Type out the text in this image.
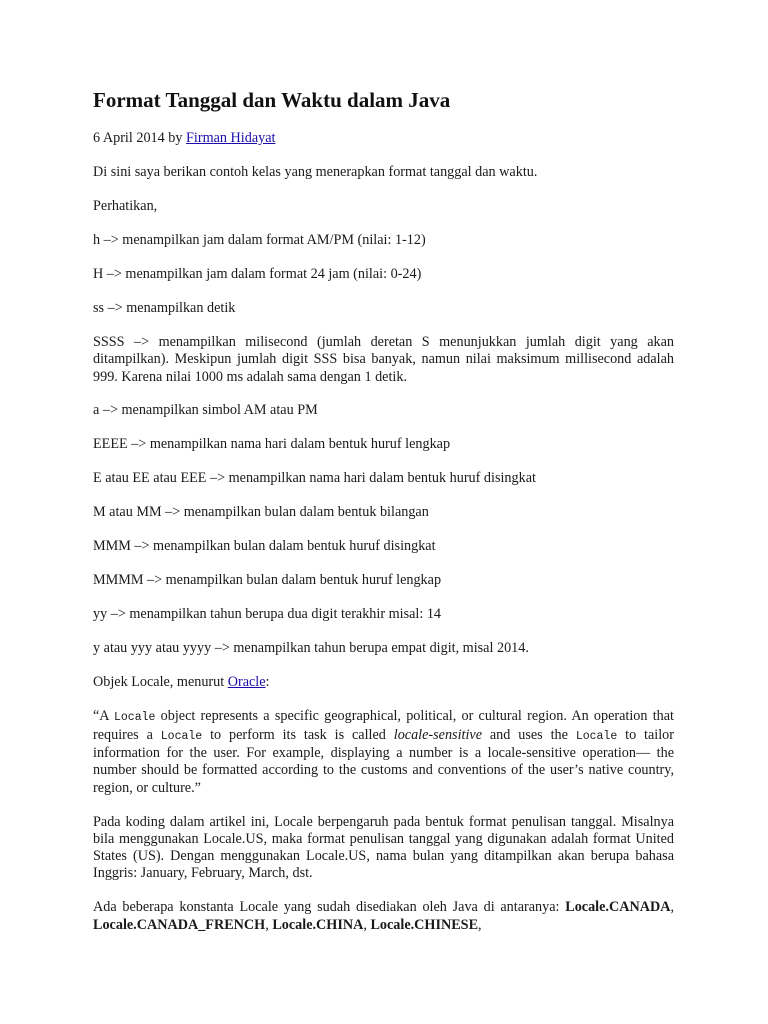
Format Tanggal dan Waktu dalam Java

6 April 2014 by Firman Hidayat

Di sini saya berikan contoh kelas yang menerapkan format tanggal dan waktu.

Perhatikan,

h –> menampilkan jam dalam format AM/PM (nilai: 1-12)

H –> menampilkan jam dalam format 24 jam (nilai: 0-24)

ss –> menampilkan detik

SSSS –> menampilkan milisecond (jumlah deretan S menunjukkan jumlah digit yang akan ditampilkan). Meskipun jumlah digit SSS bisa banyak, namun nilai maksimum millisecond adalah 999. Karena nilai 1000 ms adalah sama dengan 1 detik.

a –> menampilkan simbol AM atau PM

EEEE –> menampilkan nama hari dalam bentuk huruf lengkap

E atau EE atau EEE –> menampilkan nama hari dalam bentuk huruf disingkat

M atau MM –> menampilkan bulan dalam bentuk bilangan

MMM –> menampilkan bulan dalam bentuk huruf disingkat

MMMM –> menampilkan bulan dalam bentuk huruf lengkap

yy –> menampilkan tahun berupa dua digit terakhir misal: 14

y atau yyy atau yyyy –> menampilkan tahun berupa empat digit, misal 2014.

Objek Locale, menurut Oracle:

“A Locale object represents a specific geographical, political, or cultural region. An operation that requires a Locale to perform its task is called locale-sensitive and uses the Locale to tailor information for the user. For example, displaying a number is a locale-sensitive operation— the number should be formatted according to the customs and conventions of the user’s native country, region, or culture.”

Pada koding dalam artikel ini, Locale berpengaruh pada bentuk format penulisan tanggal. Misalnya bila menggunakan Locale.US, maka format penulisan tanggal yang digunakan adalah format United States (US). Dengan menggunakan Locale.US, nama bulan yang ditampilkan akan berupa bahasa Inggris: January, February, March, dst.

Ada beberapa konstanta Locale yang sudah disediakan oleh Java di antaranya: Locale.CANADA, Locale.CANADA_FRENCH, Locale.CHINA, Locale.CHINESE,
